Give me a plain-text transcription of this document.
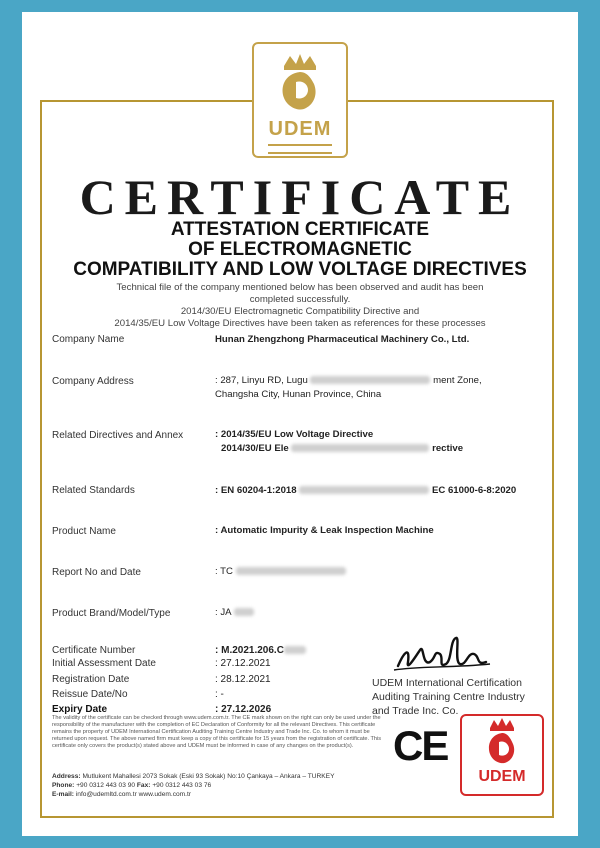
UDEM
CERTIFICATE
ATTESTATION CERTIFICATE
OF ELECTROMAGNETIC
COMPATIBILITY AND LOW VOLTAGE DIRECTIVES
Technical file of the company mentioned below has been observed and audit has been
completed successfully.
2014/30/EU Electromagnetic Compatibility Directive and
2014/35/EU Low Voltage Directives have been taken as references for these processes
Company Name	Hunan Zhengzhong Pharmaceutical Machinery Co., Ltd.
Company Address	: 287, Linyu RD, Lugu	ment Zone,
Changsha City, Hunan Province, China
Related Directives and Annex	: 2014/35/EU Low Voltage Directive
2014/30/EU Ele	rective
Related Standards	: EN 60204-1:2018	EC 61000-6-8:2020
Product Name	: Automatic Impurity & Leak Inspection Machine
Report No and Date	: TC
Product Brand/Model/Type	: JA
Certificate Number	: M.2021.206.C
Initial Assessment Date	: 27.12.2021
Registration Date	: 28.12.2021
Reissue Date/No	: -
Expiry Date	: 27.12.2026
UDEM International Certification
Auditing Training Centre Industry
and Trade Inc. Co.
The validity of the certificate can be checked through www.udem.com.tr. The CE mark shown on the right can only be used under the responsibility of the manufacturer with the completion of EC Declaration of Conformity for all the relevant Directives. This certificate remains the property of UDEM International Certification Auditing Training Centre Industry and Trade Inc. Co. to whom it must be returned upon request. The above named firm must keep a copy of this certificate for 15 years from the registration of certificate. This certificate only covers the product(s) stated above and UDEM must be informed in case of any changes on the product(s).
Address: Mutlukent Mahallesi 2073 Sokak (Eski 93 Sokak) No:10 Çankaya – Ankara – TURKEY
Phone: +90 0312 443 03 90 Fax: +90 0312 443 03 76
E-mail: info@udemltd.com.tr www.udem.com.tr
CE
UDEM
